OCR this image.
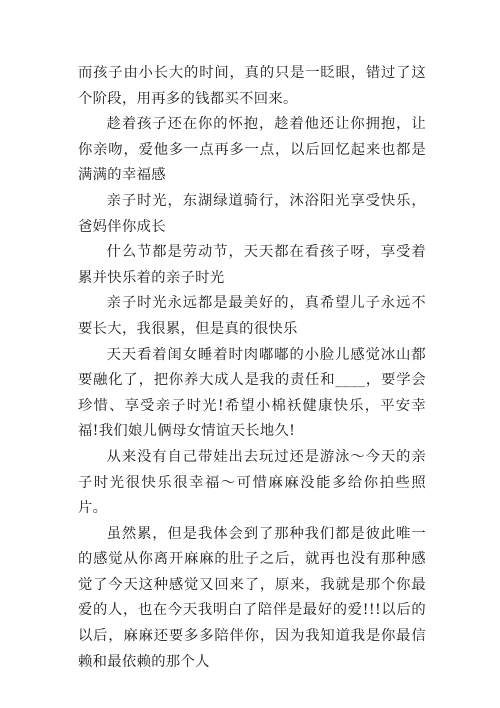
而孩子由小长大的时间，真的只是一眨眼，错过了这个阶段，用再多的钱都买不回来。

趁着孩子还在你的怀抱，趁着他还让你拥抱，让你亲吻，爱他多一点再多一点，以后回忆起来也都是满满的幸福感

亲子时光，东湖绿道骑行，沐浴阳光享受快乐，爸妈伴你成长

什么节都是劳动节，天天都在看孩子呀，享受着累并快乐着的亲子时光

亲子时光永远都是最美好的，真希望儿子永远不要长大，我很累，但是真的很快乐

天天看着闺女睡着时肉嘟嘟的小脸儿感觉冰山都要融化了，把你养大成人是我的责任和____，要学会珍惜、享受亲子时光!希望小棉袄健康快乐，平安幸福!我们娘儿俩母女情谊天长地久!

从来没有自己带娃出去玩过还是游泳～今天的亲子时光很快乐很幸福～可惜麻麻没能多给你拍些照片。

虽然累，但是我体会到了那种我们都是彼此唯一的感觉从你离开麻麻的肚子之后，就再也没有那种感觉了今天这种感觉又回来了，原来，我就是那个你最爱的人，也在今天我明白了陪伴是最好的爱!!!以后的以后，麻麻还要多多陪伴你，因为我知道我是你最信赖和最依赖的那个人
